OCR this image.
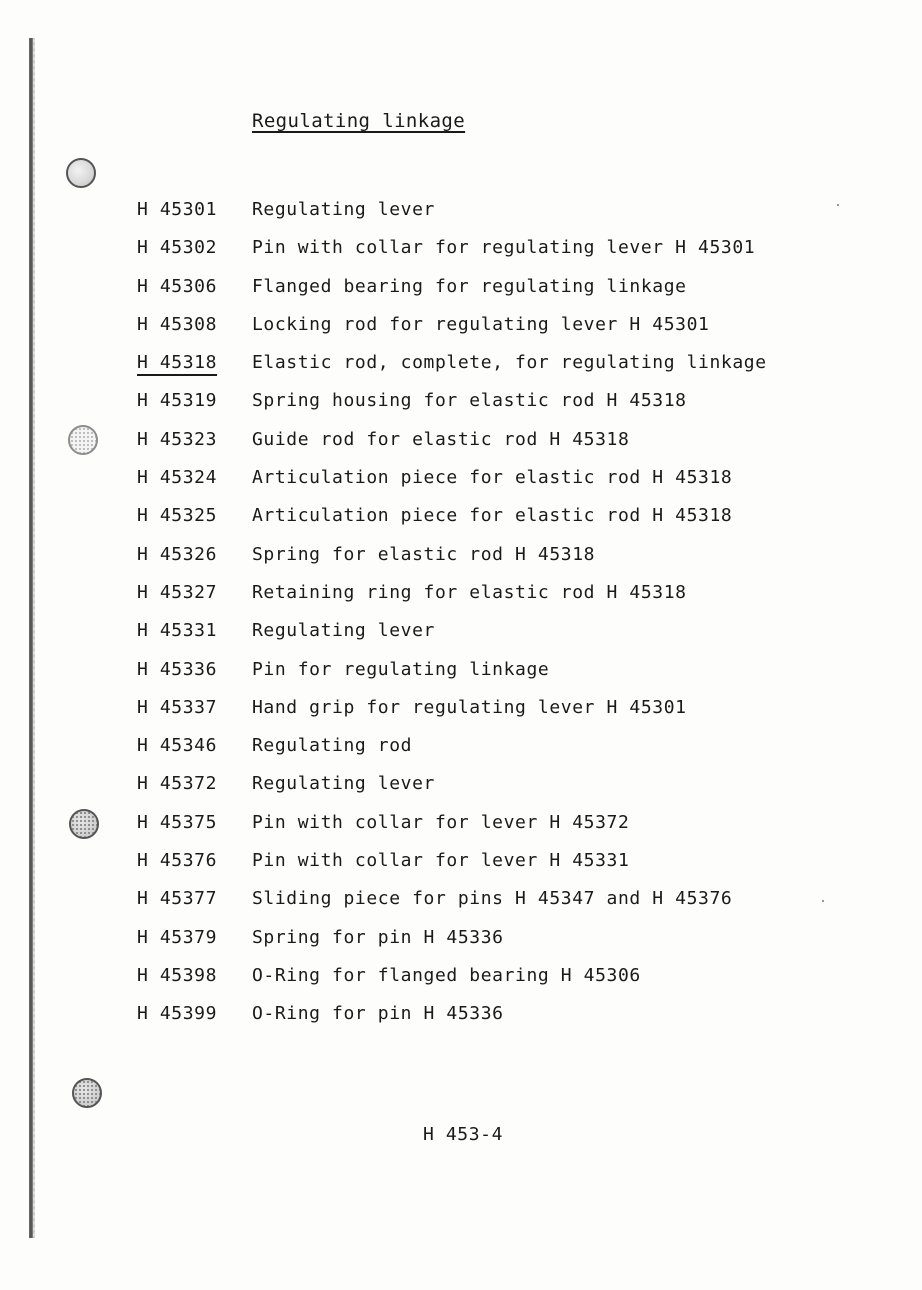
Regulating linkage
H 45301 Regulating lever
H 45302 Pin with collar for regulating lever H 45301
H 45306 Flanged bearing for regulating linkage
H 45308 Locking rod for regulating lever H 45301
H 45318 Elastic rod, complete, for regulating linkage
H 45319 Spring housing for elastic rod H 45318
H 45323 Guide rod for elastic rod H 45318
H 45324 Articulation piece for elastic rod H 45318
H 45325 Articulation piece for elastic rod H 45318
H 45326 Spring for elastic rod H 45318
H 45327 Retaining ring for elastic rod H 45318
H 45331 Regulating lever
H 45336 Pin for regulating linkage
H 45337 Hand grip for regulating lever H 45301
H 45346 Regulating rod
H 45372 Regulating lever
H 45375 Pin with collar for lever H 45372
H 45376 Pin with collar for lever H 45331
H 45377 Sliding piece for pins H 45347 and H 45376
H 45379 Spring for pin H 45336
H 45398 O-Ring for flanged bearing H 45306
H 45399 O-Ring for pin H 45336
H 453-4
